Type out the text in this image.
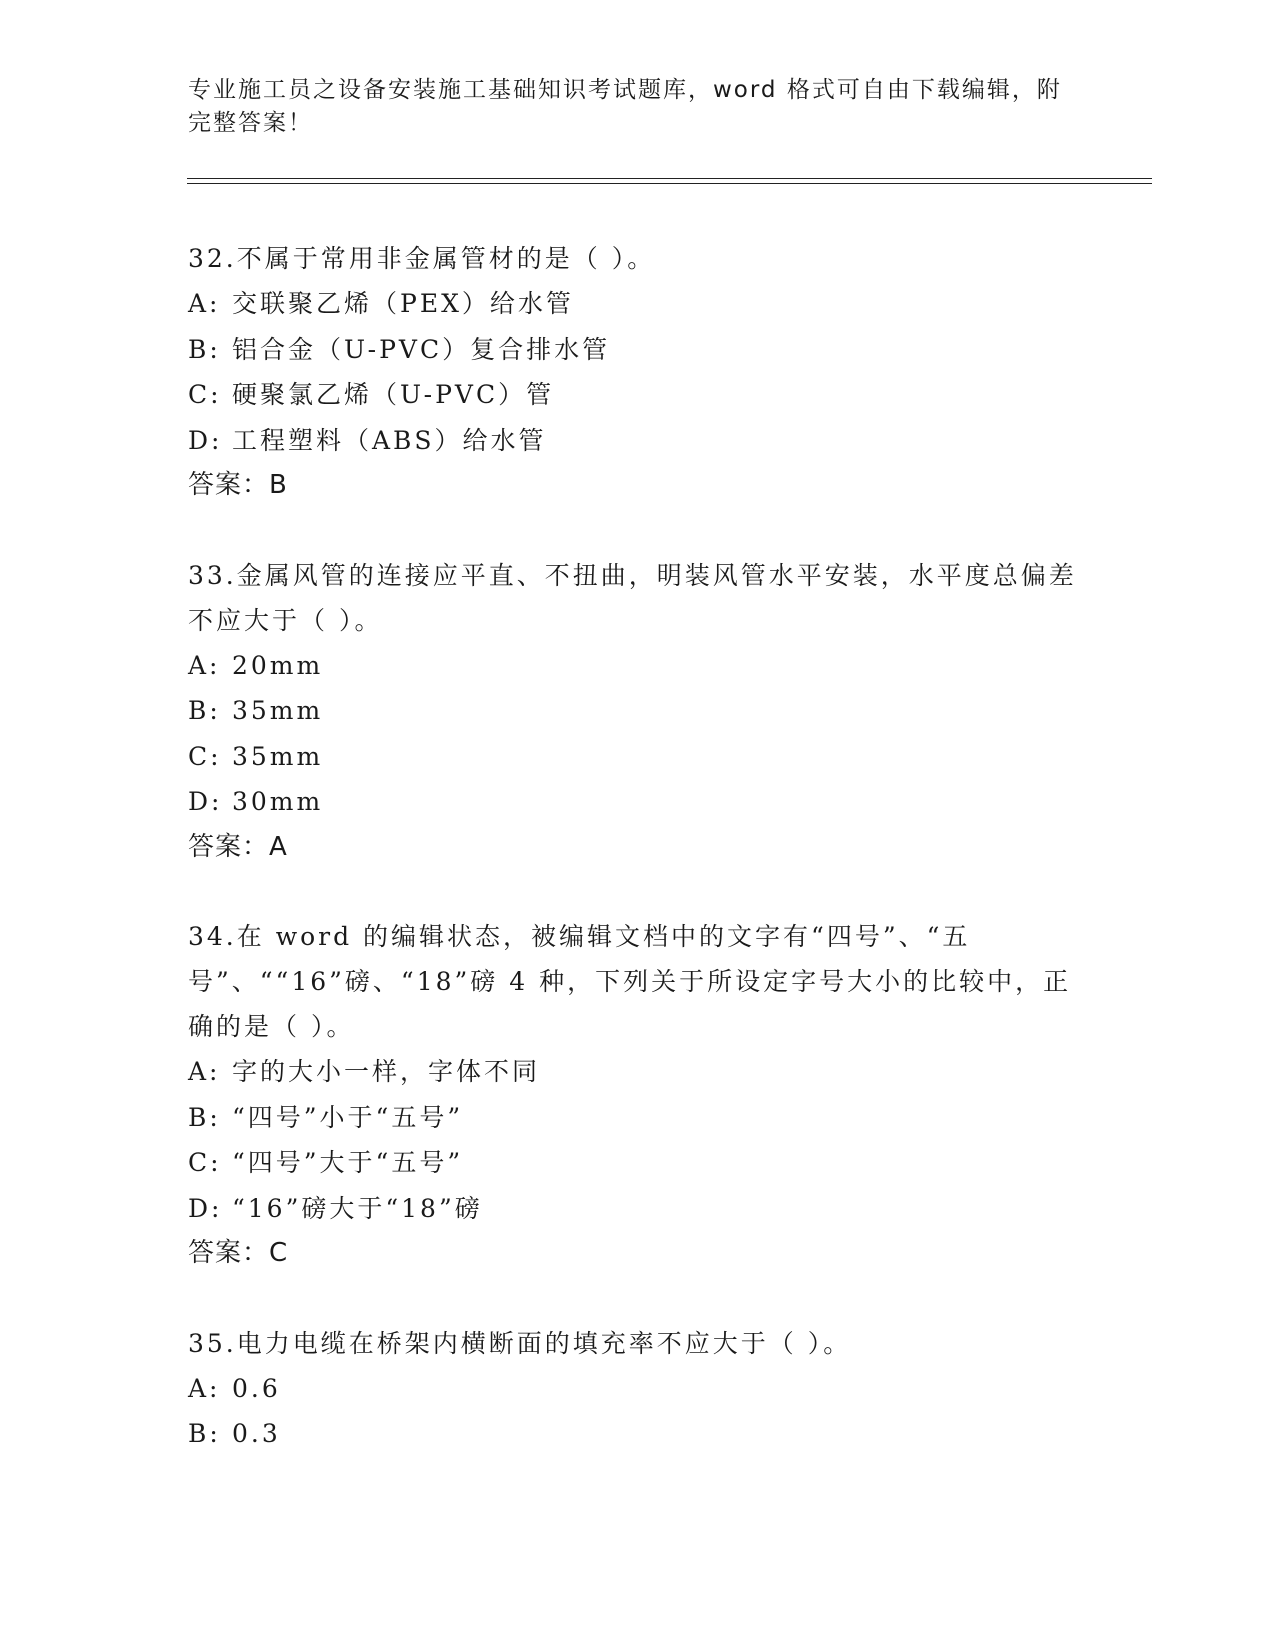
专业施工员之设备安装施工基础知识考试题库，word 格式可自由下载编辑，附完整答案！

32.不属于常用非金属管材的是（ ）。

A: 交联聚乙烯（PEX）给水管
B: 铝合金（U-PVC）复合排水管
C: 硬聚氯乙烯（U-PVC）管
D: 工程塑料（ABS）给水管
答案：B

33.金属风管的连接应平直、不扭曲，明装风管水平安装，水平度总偏差不应大于（ ）。

A: 20mm
B: 35mm
C: 35mm
D: 30mm
答案：A

34.在 word 的编辑状态，被编辑文档中的文字有“四号”、“五号”、““16”磅、“18”磅 4 种，下列关于所设定字号大小的比较中，正确的是（ ）。

A: 字的大小一样，字体不同
B: “四号”小于“五号”
C: “四号”大于“五号”
D: “16”磅大于“18”磅
答案：C

35.电力电缆在桥架内横断面的填充率不应大于（ ）。

A: 0.6
B: 0.3
